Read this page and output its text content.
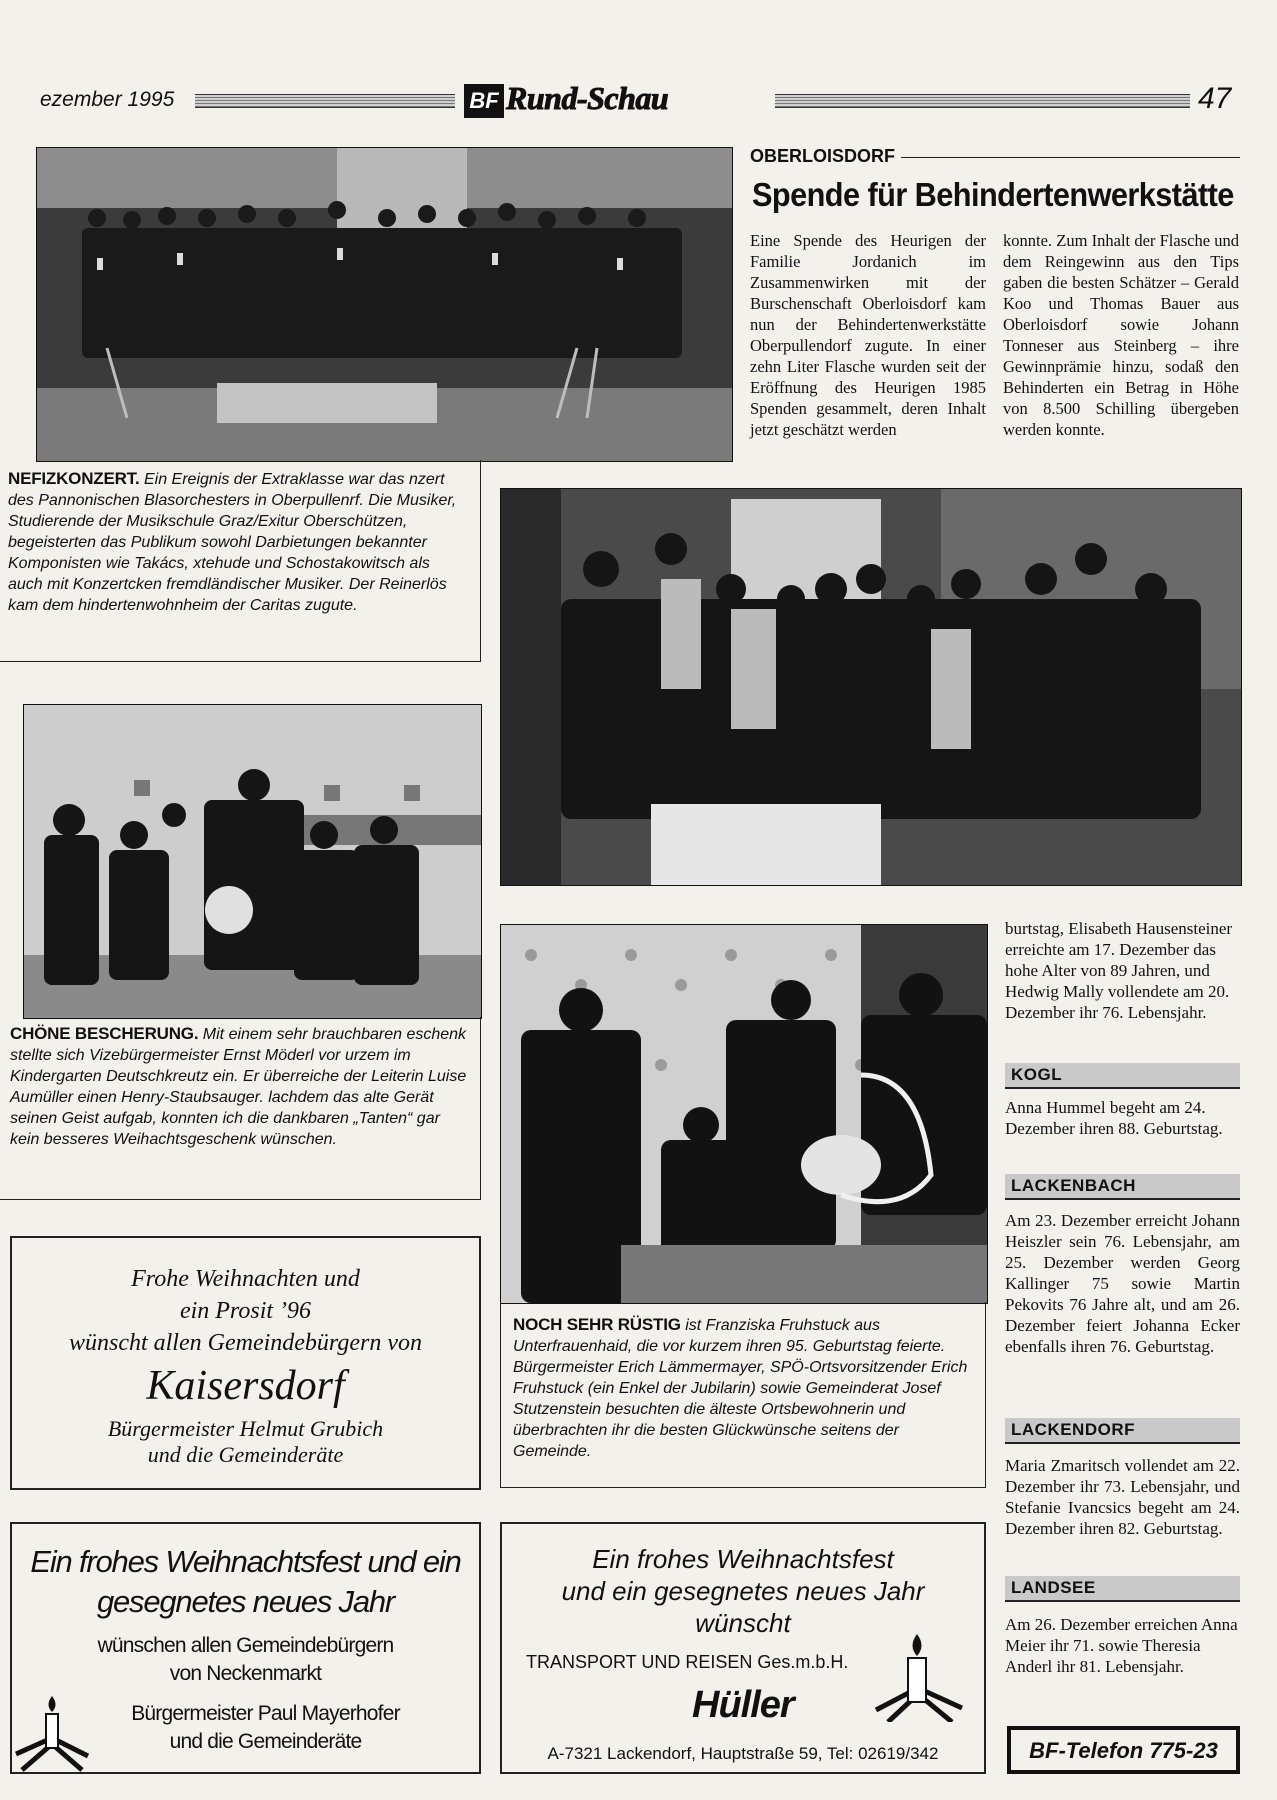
ezember 1995	BF Rund-Schau	47
OBERLOISDORF
Spende für Behindertenwerkstätte

Eine Spende des Heurigen der Familie Jordanich im Zusammenwirken mit der Burschenschaft Oberloisdorf kam nun der Behindertenwerkstätte Oberpullendorf zugute. In einer zehn Liter Flasche wurden seit der Eröffnung des Heurigen 1985 Spenden gesammelt, deren Inhalt jetzt geschätzt werden

konnte. Zum Inhalt der Flasche und dem Reingewinn aus den Tips gaben die besten Schätzer – Gerald Koo und Thomas Bauer aus Oberloisdorf sowie Johann Tonneser aus Steinberg – ihre Gewinnprämie hinzu, sodaß den Behinderten ein Betrag in Höhe von 8.500 Schilling übergeben werden konnte.

NEFIZKONZERT. Ein Ereignis der Extraklasse war das nzert des Pannonischen Blasorchesters in Oberpullenrf. Die Musiker, Studierende der Musikschule Graz/Exitur Oberschützen, begeisterten das Publikum sowohl Darbietungen bekannter Komponisten wie Takács, xtehude und Schostakowitsch als auch mit Konzertcken fremdländischer Musiker. Der Reinerlös kam dem hindertenwohnheim der Caritas zugute.

CHÖNE BESCHERUNG. Mit einem sehr brauchbaren eschenk stellte sich Vizebürgermeister Ernst Möderl vor urzem im Kindergarten Deutschkreutz ein. Er überreiche der Leiterin Luise Aumüller einen Henry-Staubsauger. lachdem das alte Gerät seinen Geist aufgab, konnten ich die dankbaren „Tanten“ gar kein besseres Weihachtsgeschenk wünschen.

NOCH SEHR RÜSTIG ist Franziska Fruhstuck aus Unterfrauenhaid, die vor kurzem ihren 95. Geburtstag feierte. Bürgermeister Erich Lämmermayer, SPÖ-Ortsvorsitzender Erich Fruhstuck (ein Enkel der Jubilarin) sowie Gemeinderat Josef Stutzenstein besuchten die älteste Ortsbewohnerin und überbrachten ihr die besten Glückwünsche seitens der Gemeinde.

burtstag, Elisabeth Hausensteiner erreichte am 17. Dezember das hohe Alter von 89 Jahren, und Hedwig Mally vollendete am 20. Dezember ihr 76. Lebensjahr.

KOGL

Anna Hummel begeht am 24. Dezember ihren 88. Geburtstag.

LACKENBACH

Am 23. Dezember erreicht Johann Heiszler sein 76. Lebensjahr, am 25. Dezember werden Georg Kallinger 75 sowie Martin Pekovits 76 Jahre alt, und am 26. Dezember feiert Johanna Ecker ebenfalls ihren 76. Geburtstag.

LACKENDORF

Maria Zmaritsch vollendet am 22. Dezember ihr 73. Lebensjahr, und Stefanie Ivancsics begeht am 24. Dezember ihren 82. Geburtstag.

LANDSEE

Am 26. Dezember erreichen Anna Meier ihr 71. sowie Theresia Anderl ihr 81. Lebensjahr.

Frohe Weihnachten und
ein Prosit ’96
wünscht allen Gemeindebürgern von
Kaisersdorf
Bürgermeister Helmut Grubich
und die Gemeinderäte
Ein frohes Weihnachtsfest und ein
gesegnetes neues Jahr
wünschen allen Gemeindebürgern
von Neckenmarkt
Bürgermeister Paul Mayerhofer
und die Gemeinderäte
Ein frohes Weihnachtsfest
und ein gesegnetes neues Jahr
wünscht
TRANSPORT UND REISEN Ges.m.b.H.
Hüller
A-7321 Lackendorf, Hauptstraße 59, Tel: 02619/342	BF-Telefon 775-23
